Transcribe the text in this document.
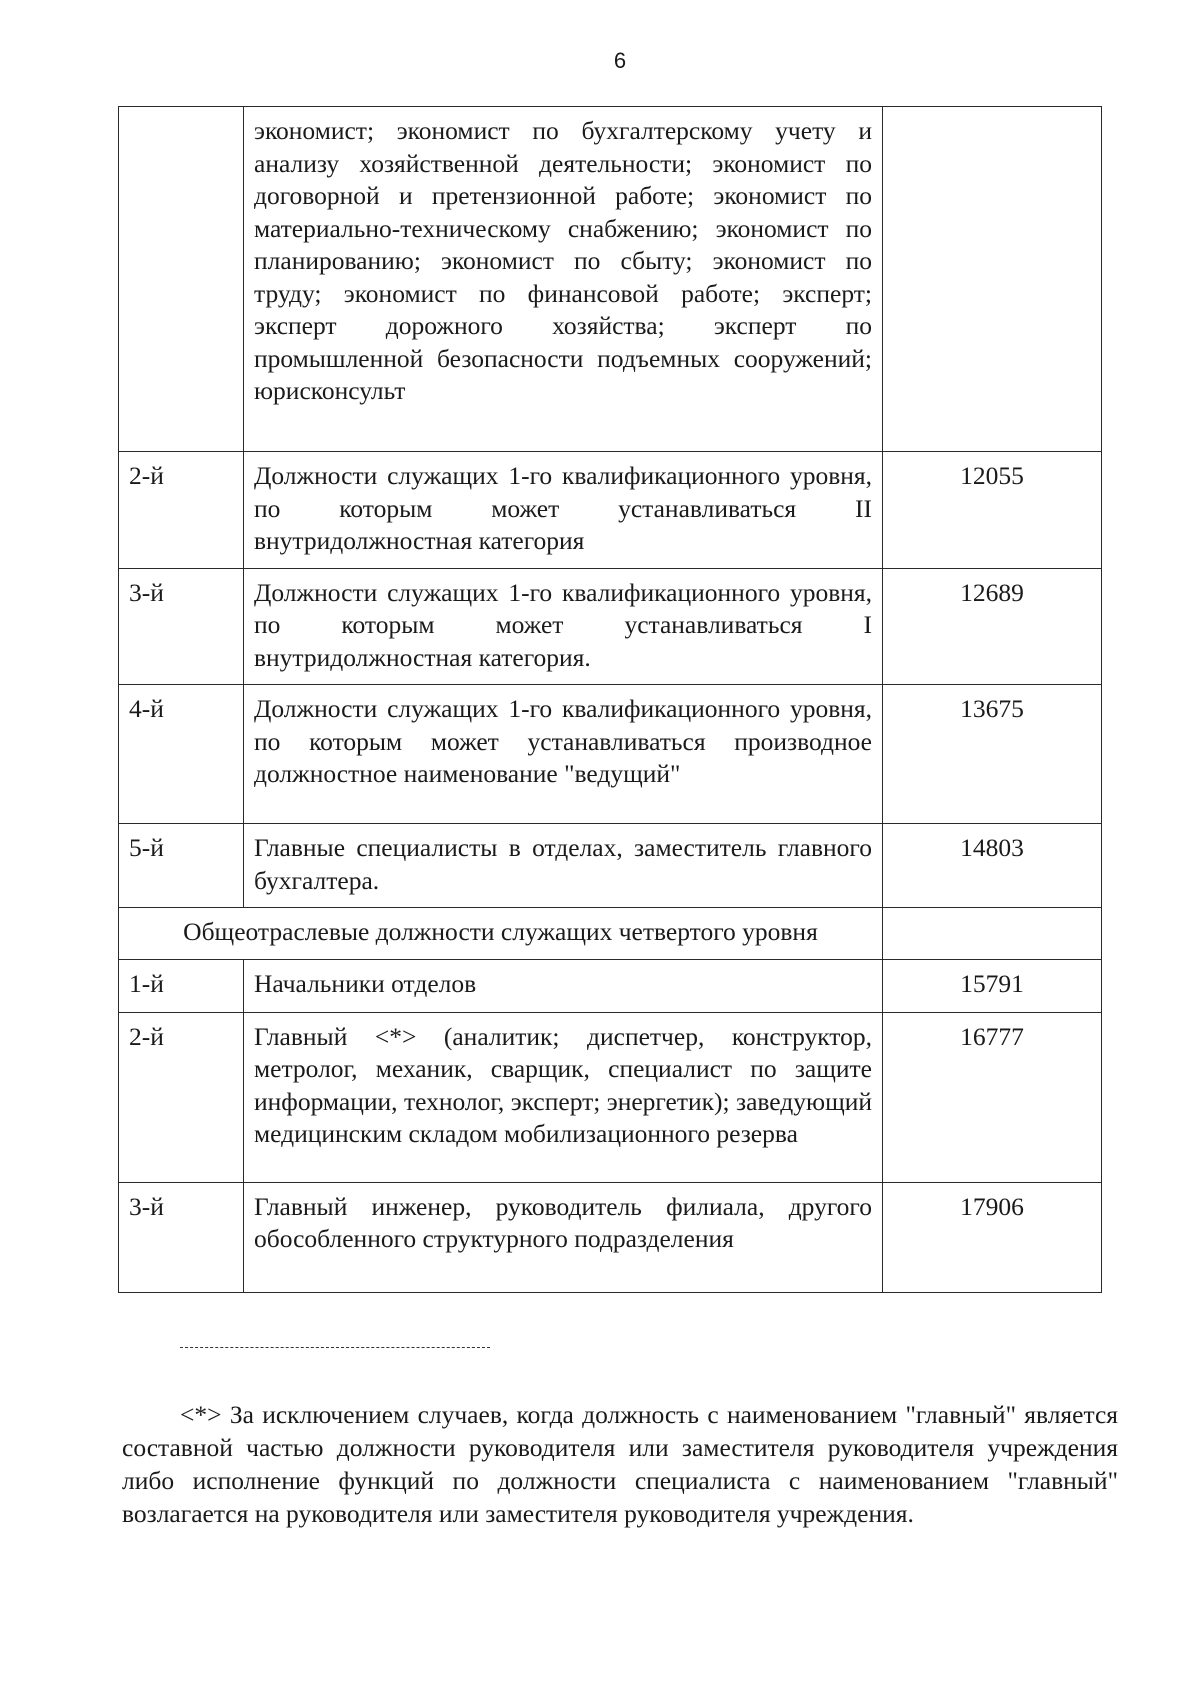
6
	экономист; экономист по бухгалтерскому учету и анализу хозяйственной деятельности; экономист по договорной и претензионной работе; экономист по материально-техническому снабжению; экономист по планированию; экономист по сбыту; экономист по труду; экономист по финансовой работе; эксперт; эксперт дорожного хозяйства; эксперт по промышленной безопасности подъемных сооружений; юрисконсульт	
2-й	Должности служащих 1-го квалификационного уровня, по которым может устанавливаться II внутридолжностная категория	12055
3-й	Должности служащих 1-го квалификационного уровня, по которым может устанавливаться I внутридолжностная категория.	12689
4-й	Должности служащих 1-го квалификационного уровня, по которым может устанавливаться производное должностное наименование "ведущий"	13675
5-й	Главные специалисты в отделах, заместитель главного бухгалтера.	14803
Общеотраслевые должности служащих четвертого уровня		
1-й	Начальники отделов	15791
2-й	Главный <*> (аналитик; диспетчер, конструктор, метролог, механик, сварщик, специалист по защите информации, технолог, эксперт; энергетик); заведующий медицинским складом мобилизационного резерва	16777
3-й	Главный инженер, руководитель филиала, другого обособленного структурного подразделения	17906

<*> За исключением случаев, когда должность с наименованием "главный" является составной частью должности руководителя или заместителя руководителя учреждения либо исполнение функций по должности специалиста с наименованием "главный" возлагается на руководителя или заместителя руководителя учреждения.
